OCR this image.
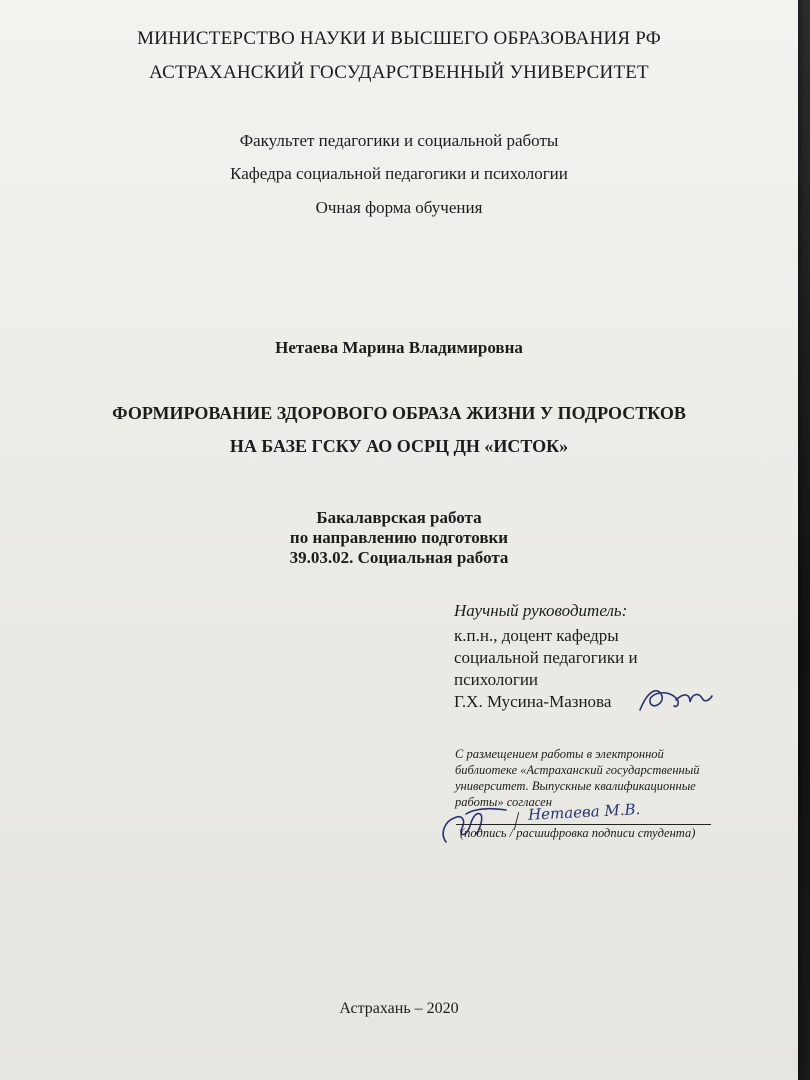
МИНИСТЕРСТВО НАУКИ И ВЫСШЕГО ОБРАЗОВАНИЯ РФ
АСТРАХАНСКИЙ ГОСУДАРСТВЕННЫЙ УНИВЕРСИТЕТ
Факультет педагогики и социальной работы
Кафедра социальной педагогики и психологии
Очная форма обучения
Нетаева Марина Владимировна
ФОРМИРОВАНИЕ ЗДОРОВОГО ОБРАЗА ЖИЗНИ У ПОДРОСТКОВ
НА БАЗЕ ГСКУ АО ОСРЦ ДН «ИСТОК»
Бакалаврская работа
по направлению подготовки
39.03.02. Социальная работа
Научный руководитель:
к.п.н., доцент кафедры
социальной педагогики и
психологии
Г.Х. Мусина-Мазнова
С размещением работы в электронной
библиотеке «Астраханский государственный
университет. Выпускные квалификационные
работы» согласен
Нетаева М.В.
(подпись / расшифровка подписи студента)
Астрахань – 2020
